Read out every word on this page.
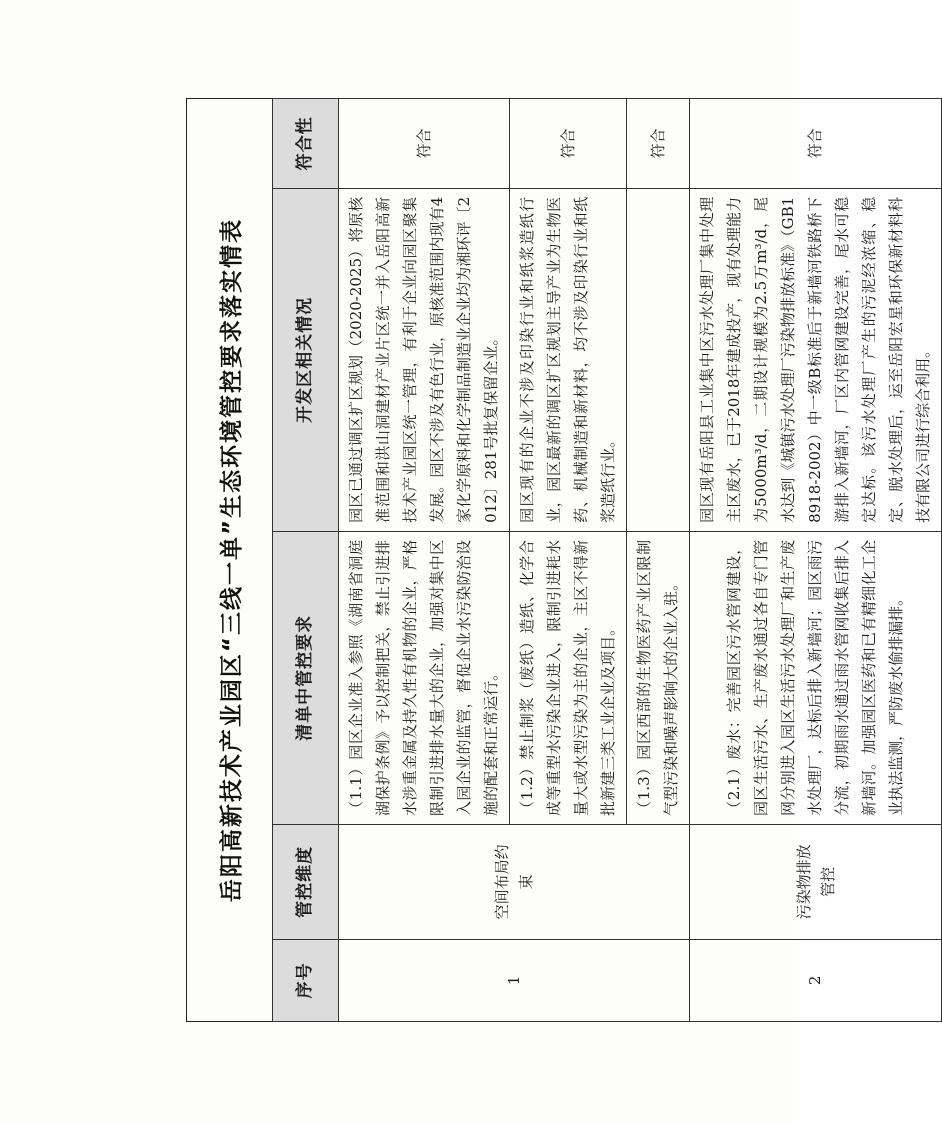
岳阳高新技术产业园区“三线一单”生态环境管控要求落实情表
序号	管控维度	清单中管控要求	开发区相关情况	符合性
1	空间布局约束	（1.1）园区企业准入参照《湖南省洞庭湖保护条例》予以控制把关，禁止引进排水涉重金属及持久性有机物的企业，严格限制引进排水量大的企业，加强对集中区入园企业的监管，督促企业水污染防治设施的配套和正常运行。	园区已通过调区扩区规划（2020-2025）将原核准范围和洪山洞建材产业片区统一并入岳阳高新技术产业园区统一管理，有利于企业向园区聚集发展。园区不涉及有色行业，原核准范围内现有4家化学原料和化学制品制造业企业均为湘环评〔2012〕281号批复保留企业。	符合
		（1.2）禁止制浆（废纸）造纸、化学合成等重型水污染企业进入，限制引进耗水量大或水型污染为主的企业，主区不得新批新建三类工业企业及项目。	园区现有的企业不涉及印染行业和纸浆造纸行业，园区最新的调区扩区规划主导产业为生物医药、机械制造和新材料，均不涉及印染行业和纸浆造纸行业。	符合
		（1.3）园区西部的生物医药产业区限制气型污染和噪声影响大的企业入驻。		符合
2	污染物排放管控	（2.1）废水：完善园区污水管网建设，园区生活污水、生产废水通过各自专门管网分别进入园区生活污水处理厂和生产废水处理厂，达标后排入新墙河；园区雨污分流，初期雨水通过雨水管网收集后排入新墙河。加强园区医药和已有精细化工企业执法监测，严防废水偷排漏排。	园区现有岳阳县工业集中区污水处理厂集中处理主区废水，已于2018年建成投产，现有处理能力为5000m³/d，二期设计规模为2.5万m³/d，尾水达到《城镇污水处理厂污染物排放标准》（GB18918-2002）中一级B标准后于新墙河铁路桥下游排入新墙河，厂区内管网建设完善，尾水可稳定达标。该污水处理厂产生的污泥经浓缩、稳定、脱水处理后，运至岳阳宏星和环保新材料科技有限公司进行综合利用。	符合
